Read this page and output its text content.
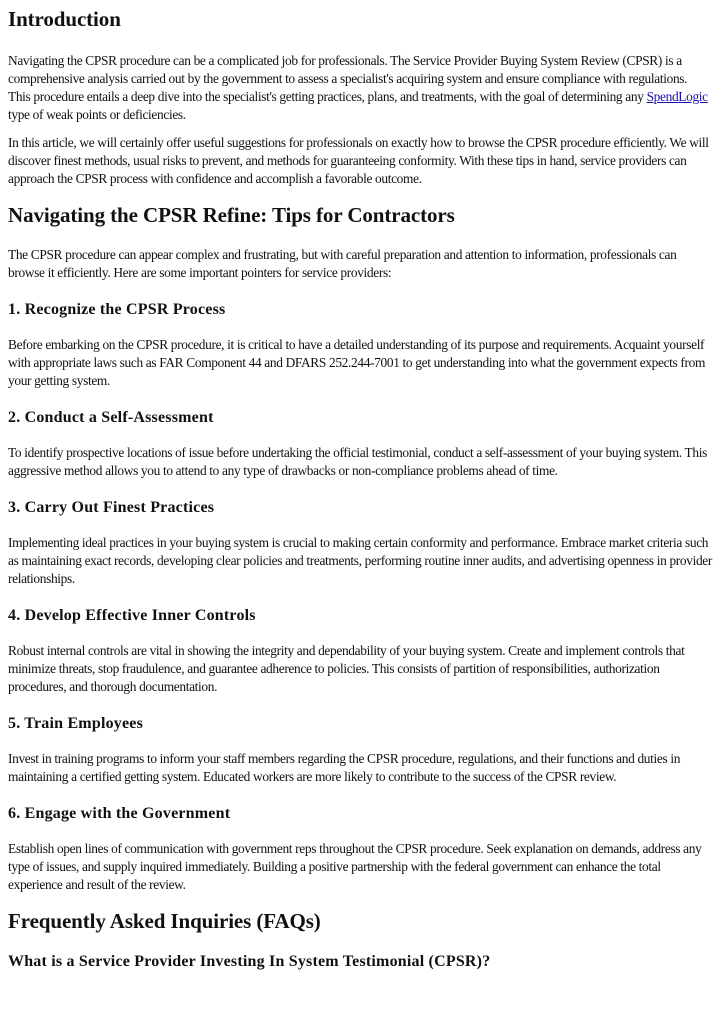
Introduction

Navigating the CPSR procedure can be a complicated job for professionals. The Service Provider Buying System Review (CPSR) is a comprehensive analysis carried out by the government to assess a specialist's acquiring system and ensure compliance with regulations. This procedure entails a deep dive into the specialist's getting practices, plans, and treatments, with the goal of determining any SpendLogic type of weak points or deficiencies.

In this article, we will certainly offer useful suggestions for professionals on exactly how to browse the CPSR procedure efficiently. We will discover finest methods, usual risks to prevent, and methods for guaranteeing conformity. With these tips in hand, service providers can approach the CPSR process with confidence and accomplish a favorable outcome.

Navigating the CPSR Refine: Tips for Contractors

The CPSR procedure can appear complex and frustrating, but with careful preparation and attention to information, professionals can browse it efficiently. Here are some important pointers for service providers:

1. Recognize the CPSR Process

Before embarking on the CPSR procedure, it is critical to have a detailed understanding of its purpose and requirements. Acquaint yourself with appropriate laws such as FAR Component 44 and DFARS 252.244-7001 to get understanding into what the government expects from your getting system.

2. Conduct a Self-Assessment

To identify prospective locations of issue before undertaking the official testimonial, conduct a self-assessment of your buying system. This aggressive method allows you to attend to any type of drawbacks or non-compliance problems ahead of time.

3. Carry Out Finest Practices

Implementing ideal practices in your buying system is crucial to making certain conformity and performance. Embrace market criteria such as maintaining exact records, developing clear policies and treatments, performing routine inner audits, and advertising openness in provider relationships.

4. Develop Effective Inner Controls

Robust internal controls are vital in showing the integrity and dependability of your buying system. Create and implement controls that minimize threats, stop fraudulence, and guarantee adherence to policies. This consists of partition of responsibilities, authorization procedures, and thorough documentation.

5. Train Employees

Invest in training programs to inform your staff members regarding the CPSR procedure, regulations, and their functions and duties in maintaining a certified getting system. Educated workers are more likely to contribute to the success of the CPSR review.

6. Engage with the Government

Establish open lines of communication with government reps throughout the CPSR procedure. Seek explanation on demands, address any type of issues, and supply inquired immediately. Building a positive partnership with the federal government can enhance the total experience and result of the review.

Frequently Asked Inquiries (FAQs)
What is a Service Provider Investing In System Testimonial (CPSR)?
